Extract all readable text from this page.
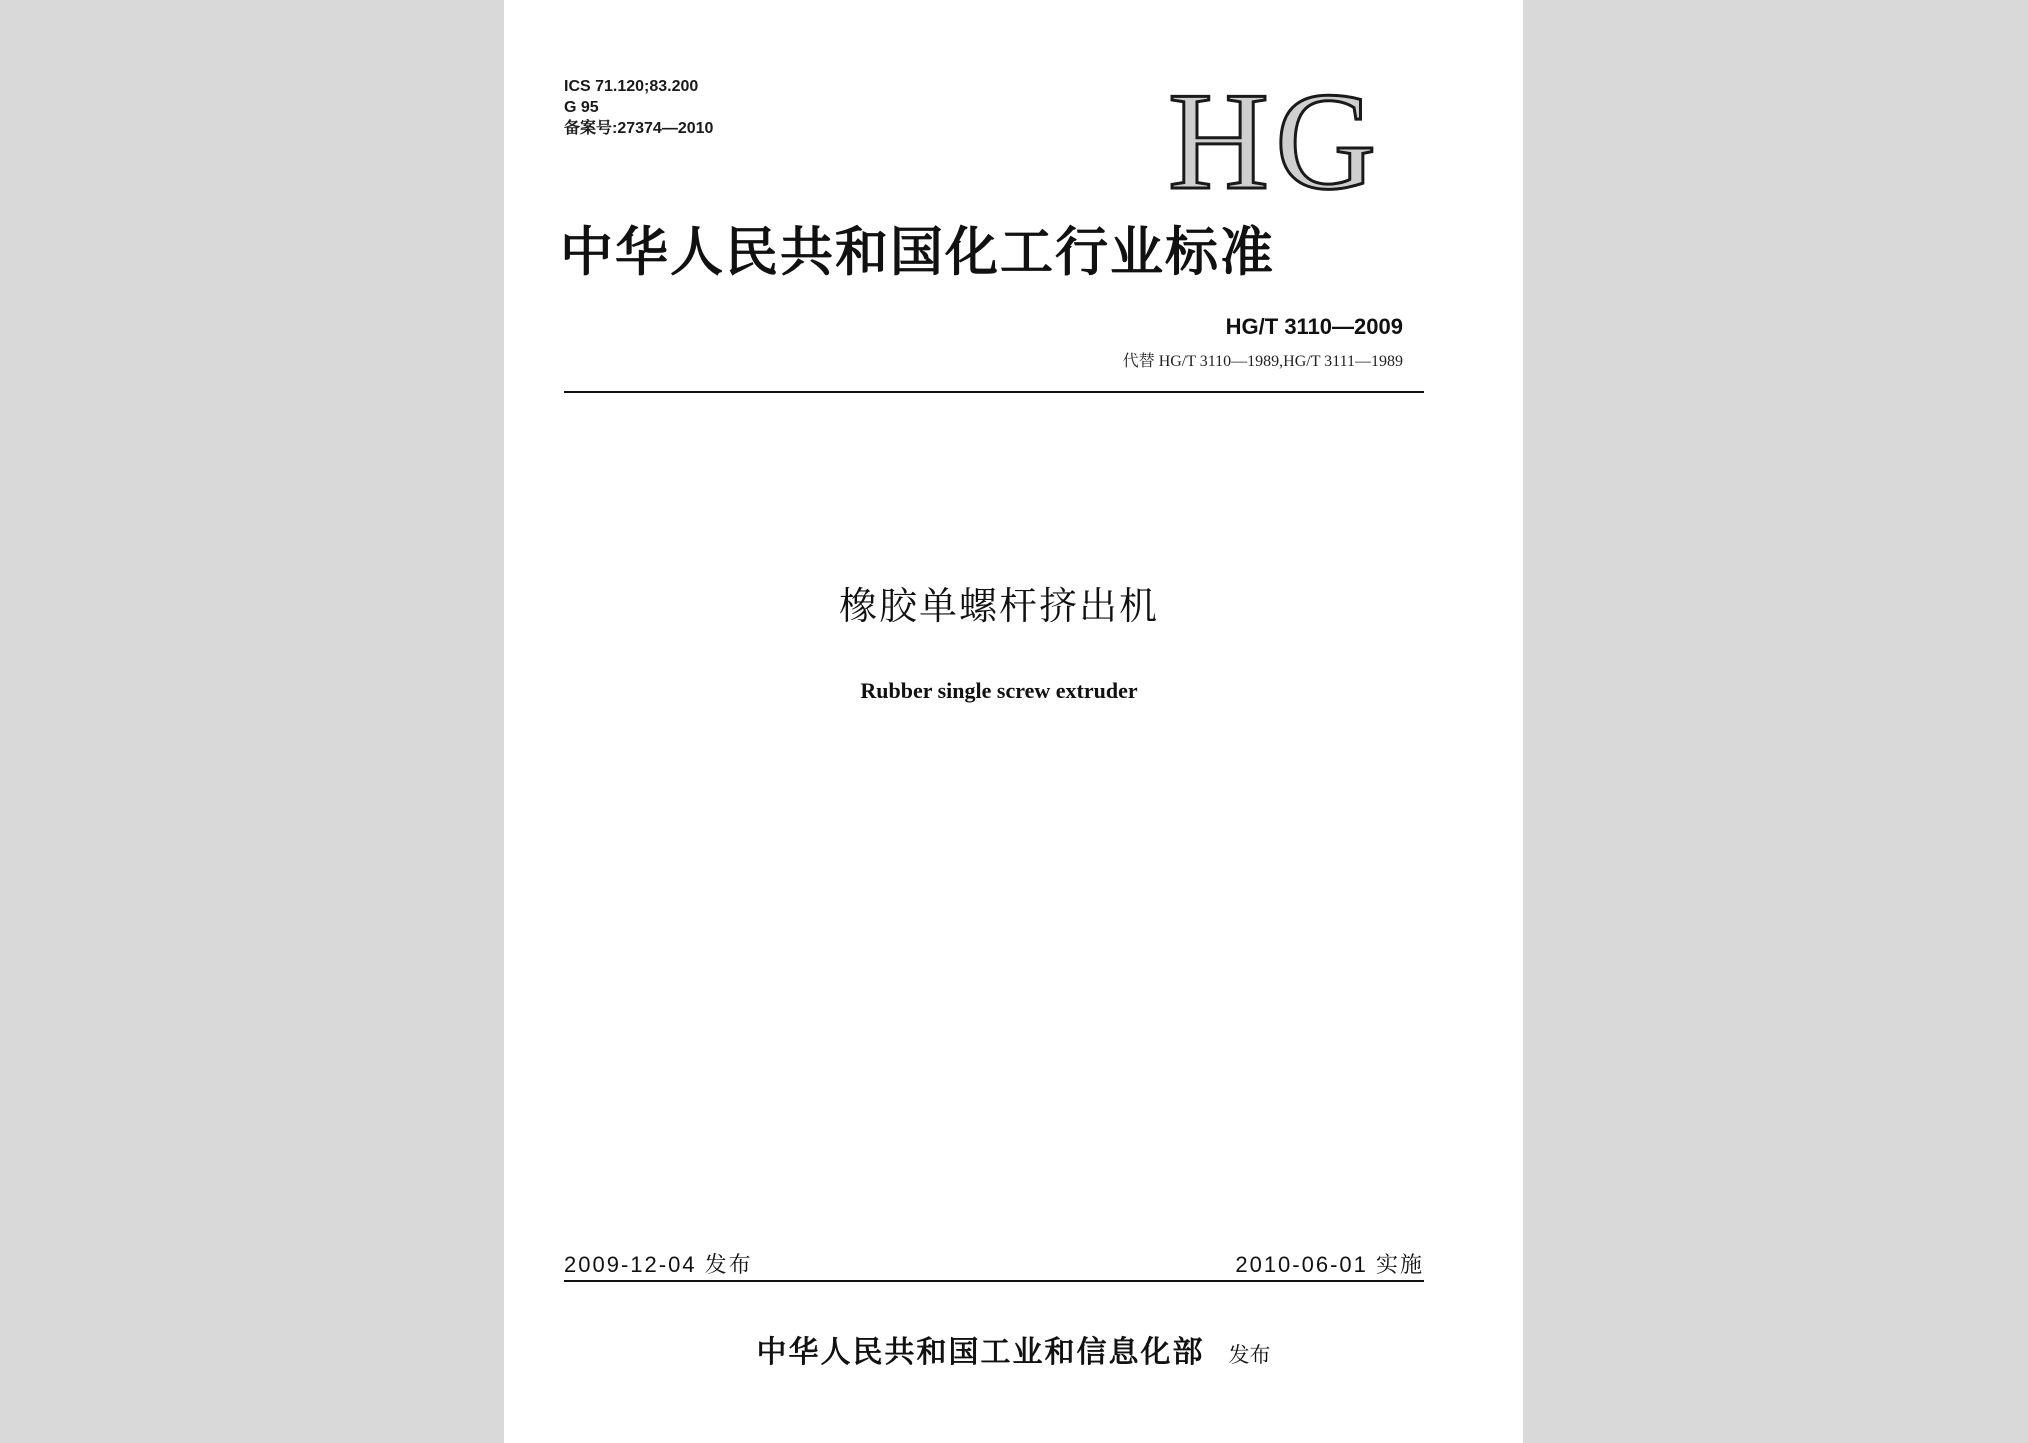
ICS 71.120;83.200
G 95
备案号:27374—2010	HG
中华人民共和国化工行业标准
HG/T 3110—2009
代替 HG/T 3110—1989,HG/T 3111—1989
橡胶单螺杆挤出机
Rubber single screw extruder
2009-12-04 发布	2010-06-01 实施
中华人民共和国工业和信息化部 发布
